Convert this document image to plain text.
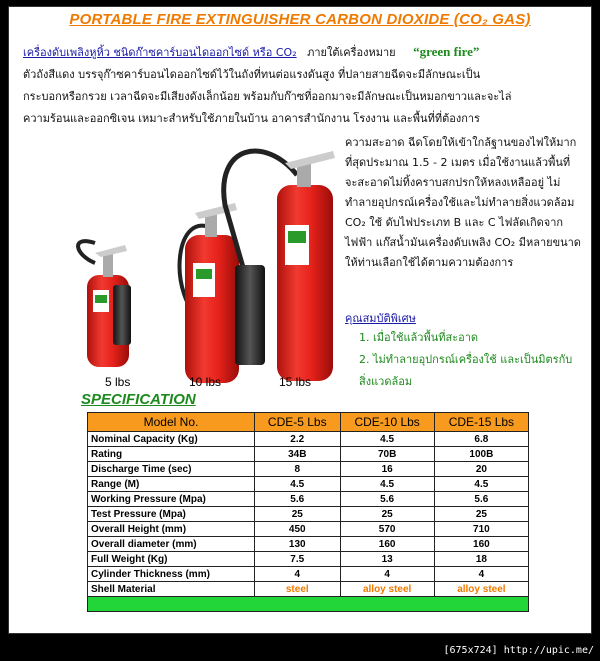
PORTABLE FIRE EXTINGUISHER CARBON DIOXIDE (CO₂ GAS)
เครื่องดับเพลิงหูหิ้ว ชนิดก๊าซคาร์บอนไดออกไซด์ หรือ CO₂ ภายใต้เครื่องหมาย “green fire”
ตัวถังสีแดง บรรจุก๊าซคาร์บอนไดออกไซด์ไว้ในถังที่ทนต่อแรงดันสูง ที่ปลายสายฉีดจะมีลักษณะเป็น
กระบอกหรือกรวย เวลาฉีดจะมีเสียงดังเล็กน้อย พร้อมกับก๊าซที่ออกมาจะมีลักษณะเป็นหมอกขาวและจะไล่
ความร้อนและออกซิเจน เหมาะสำหรับใช้ภายในบ้าน อาคารสำนักงาน โรงงาน และพื้นที่ที่ต้องการ
5 lbs	10 lbs	15 lbs
ความสะอาด ฉีดโดยให้เข้าใกล้ฐานของไฟให้มากที่สุดประมาณ 1.5 - 2 เมตร เมื่อใช้งานแล้วพื้นที่จะสะอาดไม่ทิ้งคราบสกปรกให้หลงเหลืออยู่ ไม่ทำลายอุปกรณ์เครื่องใช้และไม่ทำลายสิ่งแวดล้อม CO₂ ใช้ ดับไฟประเภท B และ C ไฟลัดเกิดจากไฟฟ้า แก๊สน้ำมันเครื่องดับเพลิง CO₂ มีหลายขนาดให้ท่านเลือกใช้ได้ตามความต้องการ
คุณสมบัติพิเศษ
1. เมื่อใช้แล้วพื้นที่สะอาด
2. ไม่ทำลายอุปกรณ์เครื่องใช้ และเป็นมิตรกับสิ่งแวดล้อม
SPECIFICATION
Model No.	CDE-5 Lbs	CDE-10 Lbs	CDE-15 Lbs
Nominal Capacity (Kg)	2.2	4.5	6.8
Rating	34B	70B	100B
Discharge Time (sec)	8	16	20
Range (M)	4.5	4.5	4.5
Working Pressure (Mpa)	5.6	5.6	5.6
Test Pressure (Mpa)	25	25	25
Overall Height (mm)	450	570	710
Overall diameter (mm)	130	160	160
Full Weight (Kg)	7.5	13	18
Cylinder Thickness (mm)	4	4	4
Shell Material	steel	alloy steel	alloy steel

[675x724] http://upic.me/
